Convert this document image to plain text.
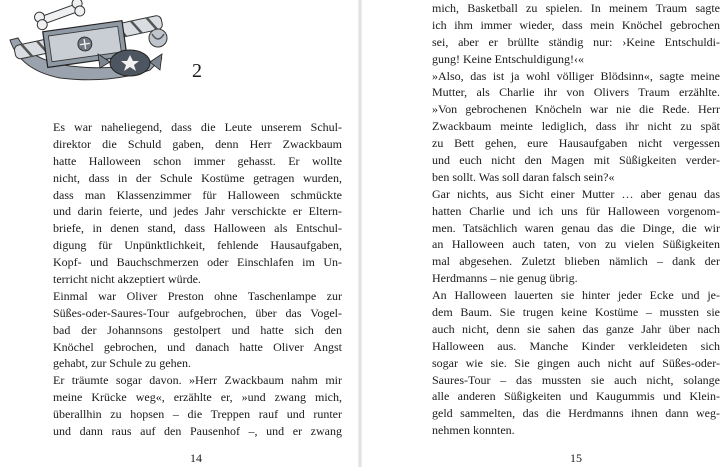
2
Es war naheliegend, dass die Leute unserem Schul-
direktor die Schuld gaben, denn Herr Zwackbaum
hatte Halloween schon immer gehasst. Er wollte
nicht, dass in der Schule Kostüme getragen wurden,
dass man Klassenzimmer für Halloween schmückte
und darin feierte, und jedes Jahr verschickte er Eltern-
briefe, in denen stand, dass Halloween als Entschul-
digung für Unpünktlichkeit, fehlende Hausaufgaben,
Kopf- und Bauchschmerzen oder Einschlafen im Un-
terricht nicht akzeptiert würde.
Einmal war Oliver Preston ohne Taschenlampe zur
Süßes-oder-Saures-Tour aufgebrochen, über das Vogel-
bad der Johannsons gestolpert und hatte sich den
Knöchel gebrochen, und danach hatte Oliver Angst
gehabt, zur Schule zu gehen.
Er träumte sogar davon. »Herr Zwackbaum nahm mir
meine Krücke weg«, erzählte er, »und zwang mich,
überallhin zu hopsen – die Treppen rauf und runter
und dann raus auf den Pausenhof –, und er zwang
14
mich, Basketball zu spielen. In meinem Traum sagte
ich ihm immer wieder, dass mein Knöchel gebrochen
sei, aber er brüllte ständig nur: ›Keine Entschuldi-
gung! Keine Entschuldigung!‹«
»Also, das ist ja wohl völliger Blödsinn«, sagte meine
Mutter, als Charlie ihr von Olivers Traum erzählte.
»Von gebrochenen Knöcheln war nie die Rede. Herr
Zwackbaum meinte lediglich, dass ihr nicht zu spät
zu Bett gehen, eure Hausaufgaben nicht vergessen
und euch nicht den Magen mit Süßigkeiten verder-
ben sollt. Was soll daran falsch sein?«
Gar nichts, aus Sicht einer Mutter … aber genau das
hatten Charlie und ich uns für Halloween vorgenom-
men. Tatsächlich waren genau das die Dinge, die wir
an Halloween auch taten, von zu vielen Süßigkeiten
mal abgesehen. Zuletzt blieben nämlich – dank der
Herdmanns – nie genug übrig.
An Halloween lauerten sie hinter jeder Ecke und je-
dem Baum. Sie trugen keine Kostüme – mussten sie
auch nicht, denn sie sahen das ganze Jahr über nach
Halloween aus. Manche Kinder verkleideten sich
sogar wie sie. Sie gingen auch nicht auf Süßes-oder-
Saures-Tour – das mussten sie auch nicht, solange
alle anderen Süßigkeiten und Kaugummis und Klein-
geld sammelten, das die Herdmanns ihnen dann weg-
nehmen konnten.
15
